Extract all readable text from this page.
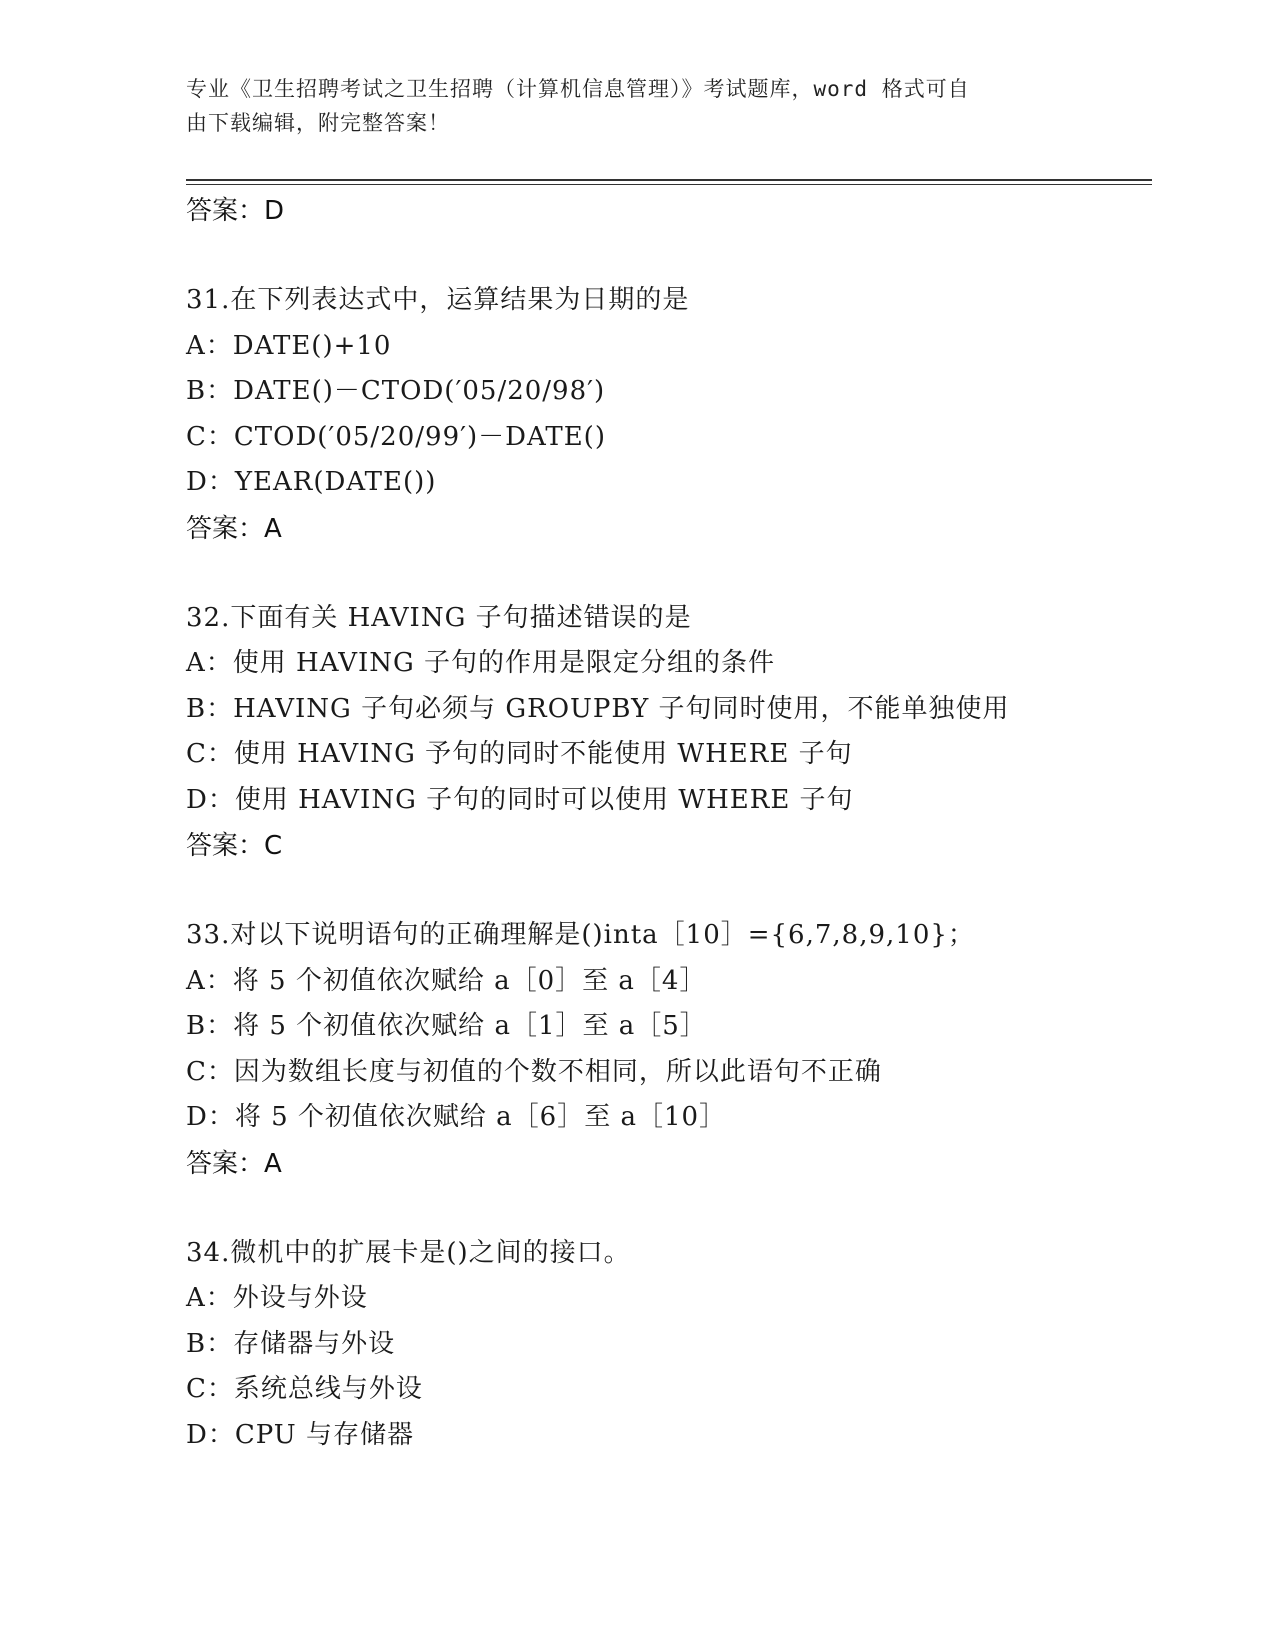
专业《卫生招聘考试之卫生招聘（计算机信息管理）》考试题库，word 格式可自
由下载编辑，附完整答案！
答案：D
31.在下列表达式中，运算结果为日期的是
A：DATE()+10
B：DATE()－CTOD(′05/20/98′)
C：CTOD(′05/20/99′)－DATE()
D：YEAR(DATE())
答案：A
32.下面有关 HAVING 子句描述错误的是
A：使用 HAVING 子句的作用是限定分组的条件
B：HAVING 子句必须与 GROUPBY 子句同时使用，不能单独使用
C：使用 HAVING 予句的同时不能使用 WHERE 子句
D：使用 HAVING 子句的同时可以使用 WHERE 子句
答案：C
33.对以下说明语句的正确理解是()inta［10］={6,7,8,9,10}；
A：将 5 个初值依次赋给 a［0］至 a［4］
B：将 5 个初值依次赋给 a［1］至 a［5］
C：因为数组长度与初值的个数不相同，所以此语句不正确
D：将 5 个初值依次赋给 a［6］至 a［10］
答案：A
34.微机中的扩展卡是()之间的接口。
A：外设与外设
B：存储器与外设
C：系统总线与外设
D：CPU 与存储器
